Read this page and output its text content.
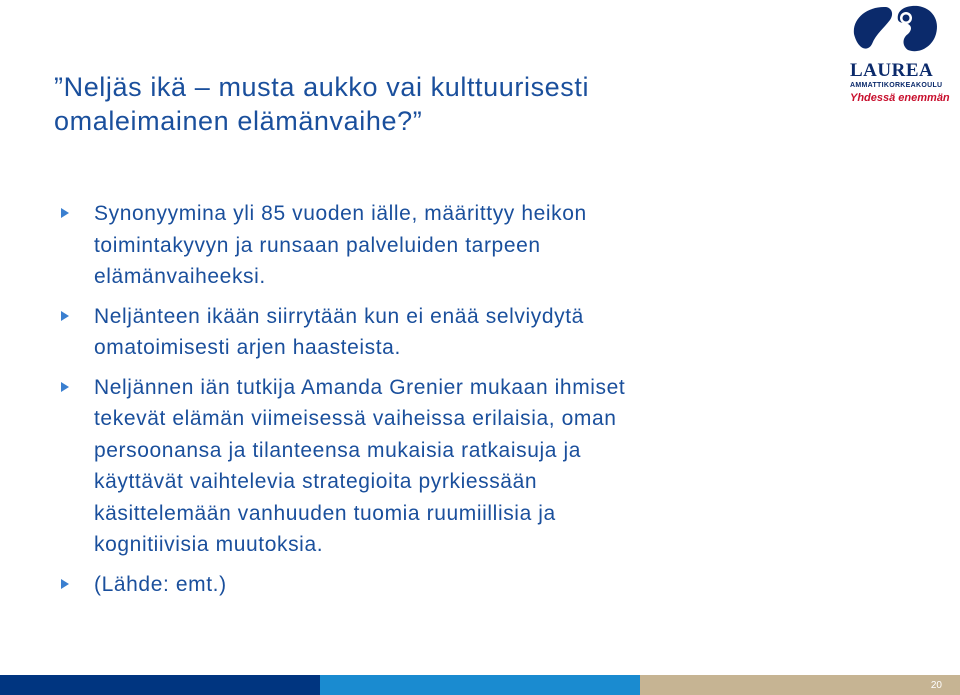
”Neljäs ikä – musta aukko vai kulttuurisesti
omaleimainen elämänvaihe?”
LAUREA
AMMATTIKORKEAKOULU
Yhdessä enemmän
Synonyymina yli 85 vuoden iälle, määrittyy heikon
toimintakyvyn ja runsaan palveluiden tarpeen
elämänvaiheeksi.
Neljänteen ikään siirrytään kun ei enää selviydytä
omatoimisesti arjen haasteista.
Neljännen iän tutkija Amanda Grenier mukaan ihmiset
tekevät elämän viimeisessä vaiheissa erilaisia, oman
persoonansa ja tilanteensa mukaisia ratkaisuja ja
käyttävät vaihtelevia strategioita pyrkiessään
käsittelemään vanhuuden tuomia ruumiillisia ja
kognitiivisia muutoksia.
(Lähde: emt.)
20
